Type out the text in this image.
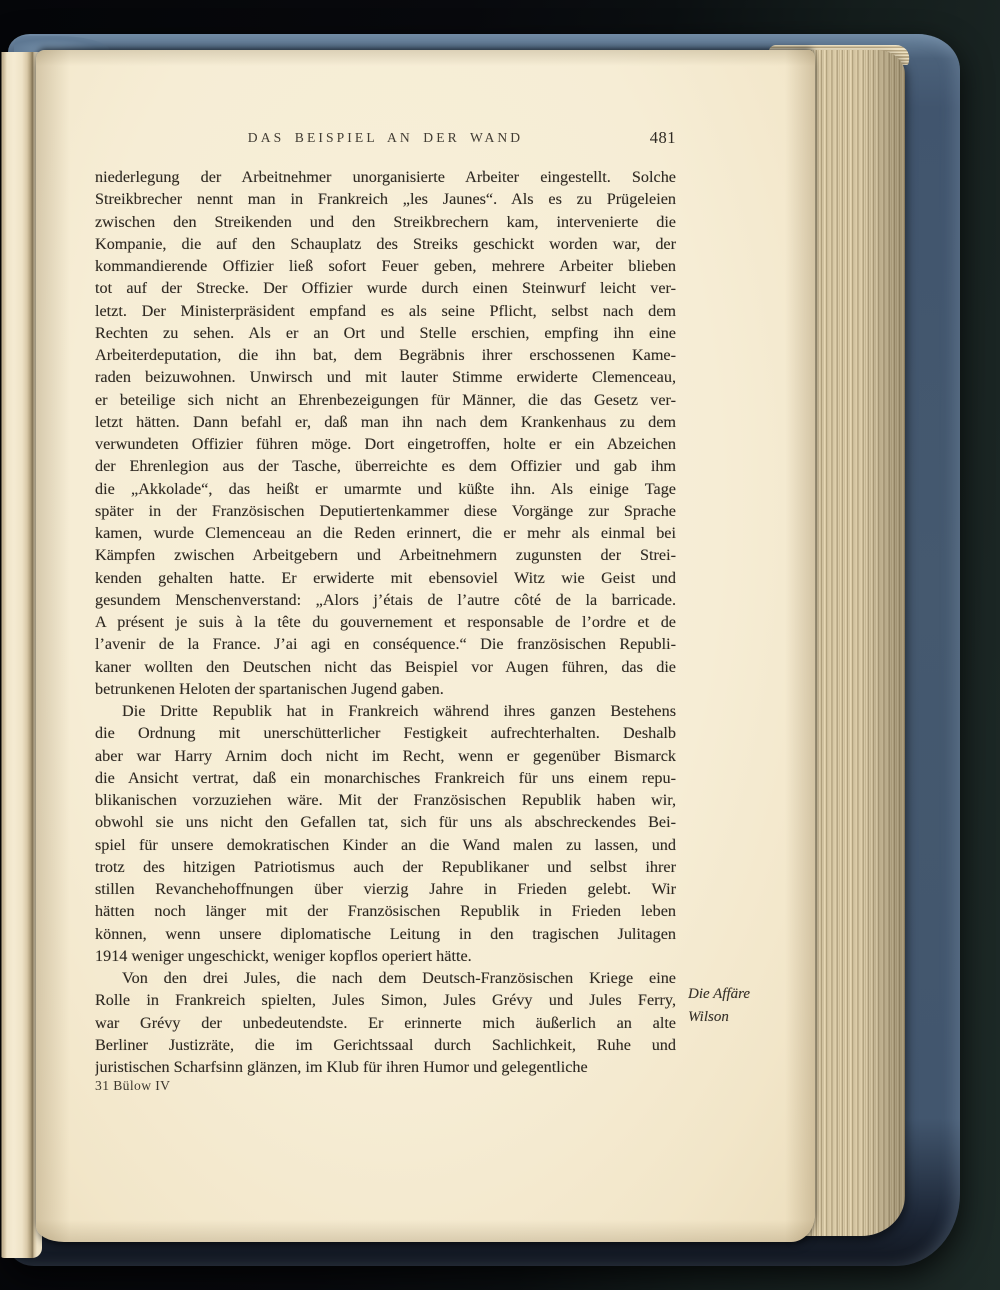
DAS BEISPIEL AN DER WAND	481
niederlegung der Arbeitnehmer unorganisierte Arbeiter eingestellt. Solche
Streikbrecher nennt man in Frankreich „les Jaunes“. Als es zu Prügeleien
zwischen den Streikenden und den Streikbrechern kam, intervenierte die
Kompanie, die auf den Schauplatz des Streiks geschickt worden war, der
kommandierende Offizier ließ sofort Feuer geben, mehrere Arbeiter blieben
tot auf der Strecke. Der Offizier wurde durch einen Steinwurf leicht ver-
letzt. Der Ministerpräsident empfand es als seine Pflicht, selbst nach dem
Rechten zu sehen. Als er an Ort und Stelle erschien, empfing ihn eine
Arbeiterdeputation, die ihn bat, dem Begräbnis ihrer erschossenen Kame-
raden beizuwohnen. Unwirsch und mit lauter Stimme erwiderte Clemenceau,
er beteilige sich nicht an Ehrenbezeigungen für Männer, die das Gesetz ver-
letzt hätten. Dann befahl er, daß man ihn nach dem Krankenhaus zu dem
verwundeten Offizier führen möge. Dort eingetroffen, holte er ein Abzeichen
der Ehrenlegion aus der Tasche, überreichte es dem Offizier und gab ihm
die „Akkolade“, das heißt er umarmte und küßte ihn. Als einige Tage
später in der Französischen Deputiertenkammer diese Vorgänge zur Sprache
kamen, wurde Clemenceau an die Reden erinnert, die er mehr als einmal bei
Kämpfen zwischen Arbeitgebern und Arbeitnehmern zugunsten der Strei-
kenden gehalten hatte. Er erwiderte mit ebensoviel Witz wie Geist und
gesundem Menschenverstand: „Alors j’étais de l’autre côté de la barricade.
A présent je suis à la tête du gouvernement et responsable de l’ordre et de
l’avenir de la France. J’ai agi en conséquence.“ Die französischen Republi-
kaner wollten den Deutschen nicht das Beispiel vor Augen führen, das die
betrunkenen Heloten der spartanischen Jugend gaben.
Die Dritte Republik hat in Frankreich während ihres ganzen Bestehens
die Ordnung mit unerschütterlicher Festigkeit aufrechterhalten. Deshalb
aber war Harry Arnim doch nicht im Recht, wenn er gegenüber Bismarck
die Ansicht vertrat, daß ein monarchisches Frankreich für uns einem repu-
blikanischen vorzuziehen wäre. Mit der Französischen Republik haben wir,
obwohl sie uns nicht den Gefallen tat, sich für uns als abschreckendes Bei-
spiel für unsere demokratischen Kinder an die Wand malen zu lassen, und
trotz des hitzigen Patriotismus auch der Republikaner und selbst ihrer
stillen Revanchehoffnungen über vierzig Jahre in Frieden gelebt. Wir
hätten noch länger mit der Französischen Republik in Frieden leben
können, wenn unsere diplomatische Leitung in den tragischen Julitagen
1914 weniger ungeschickt, weniger kopflos operiert hätte.
Von den drei Jules, die nach dem Deutsch-Französischen Kriege eine
Rolle in Frankreich spielten, Jules Simon, Jules Grévy und Jules Ferry,
war Grévy der unbedeutendste. Er erinnerte mich äußerlich an alte
Berliner Justizräte, die im Gerichtssaal durch Sachlichkeit, Ruhe und
juristischen Scharfsinn glänzen, im Klub für ihren Humor und gelegentliche
Die Affäre
Wilson
31 Bülow IV
